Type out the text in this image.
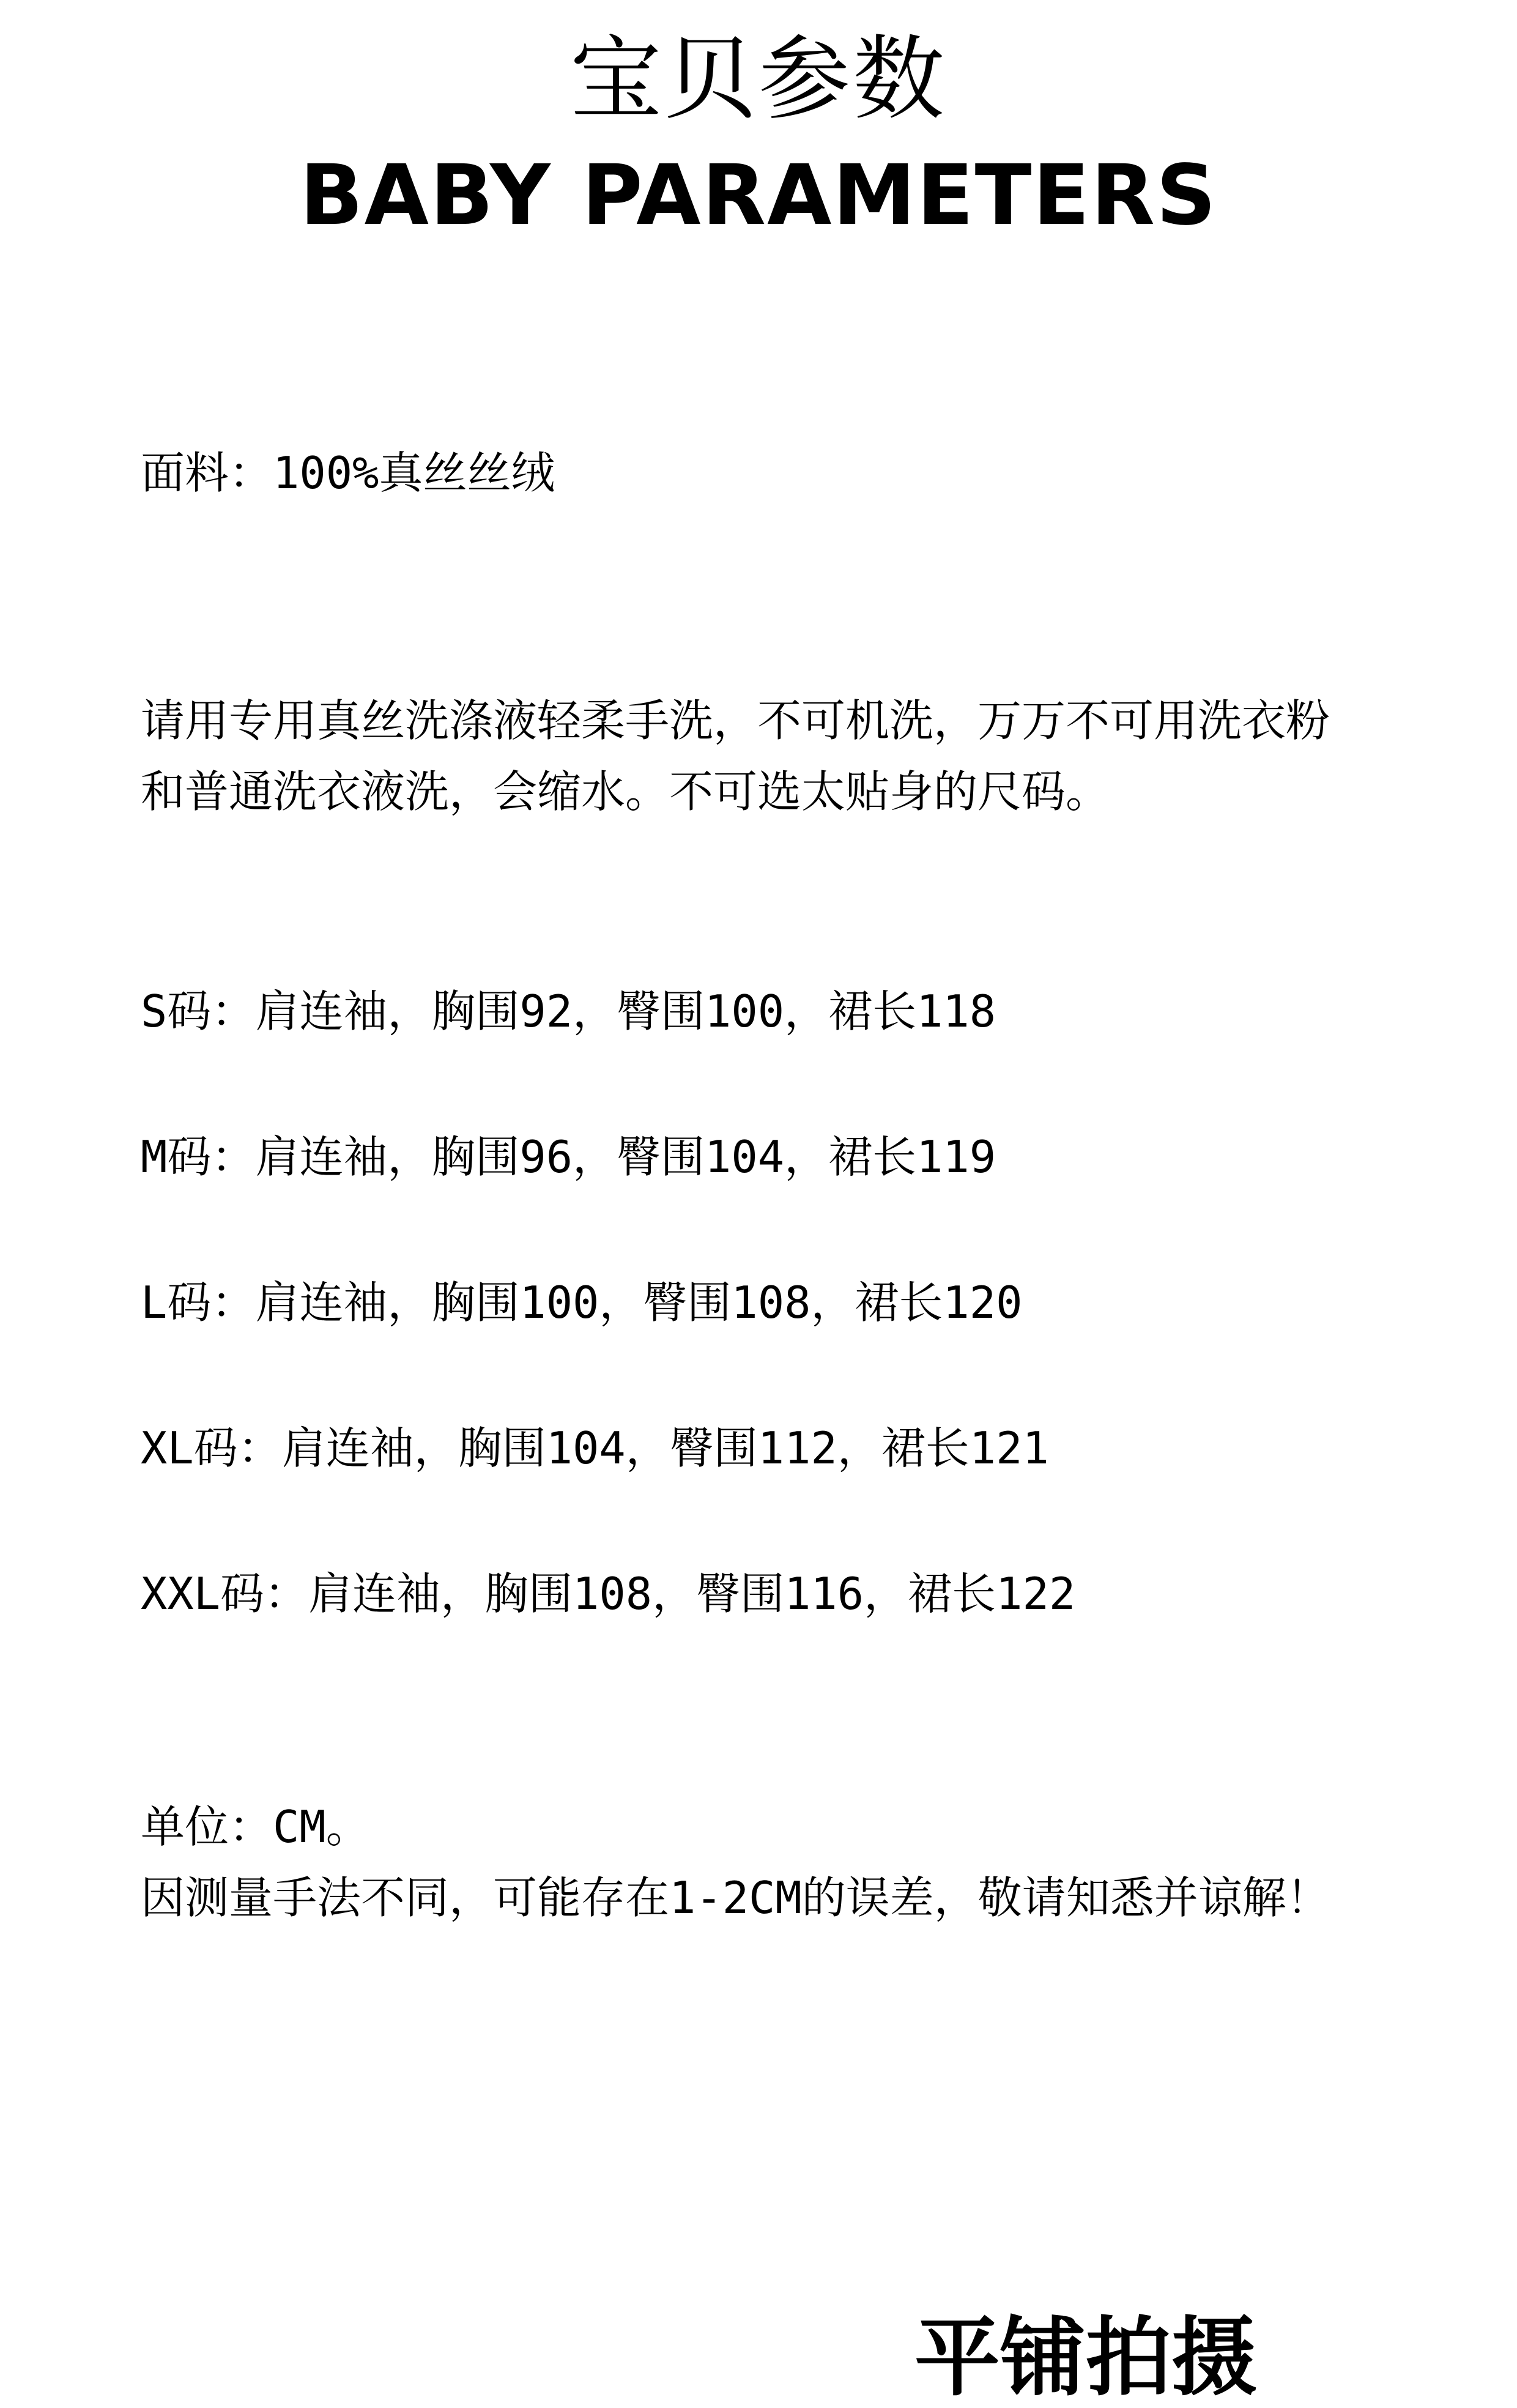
宝贝参数
BABY PARAMETERS
面料：100%真丝丝绒
请用专用真丝洗涤液轻柔手洗，不可机洗，万万不可用洗衣粉
和普通洗衣液洗，会缩水。不可选太贴身的尺码。
S码：肩连袖，胸围92，臀围100，裙长118
M码：肩连袖，胸围96，臀围104，裙长119
L码：肩连袖，胸围100，臀围108，裙长120
XL码：肩连袖，胸围104，臀围112，裙长121
XXL码：肩连袖，胸围108，臀围116，裙长122
单位：CM。
因测量手法不同，可能存在1-2CM的误差，敬请知悉并谅解！
平铺拍摄
